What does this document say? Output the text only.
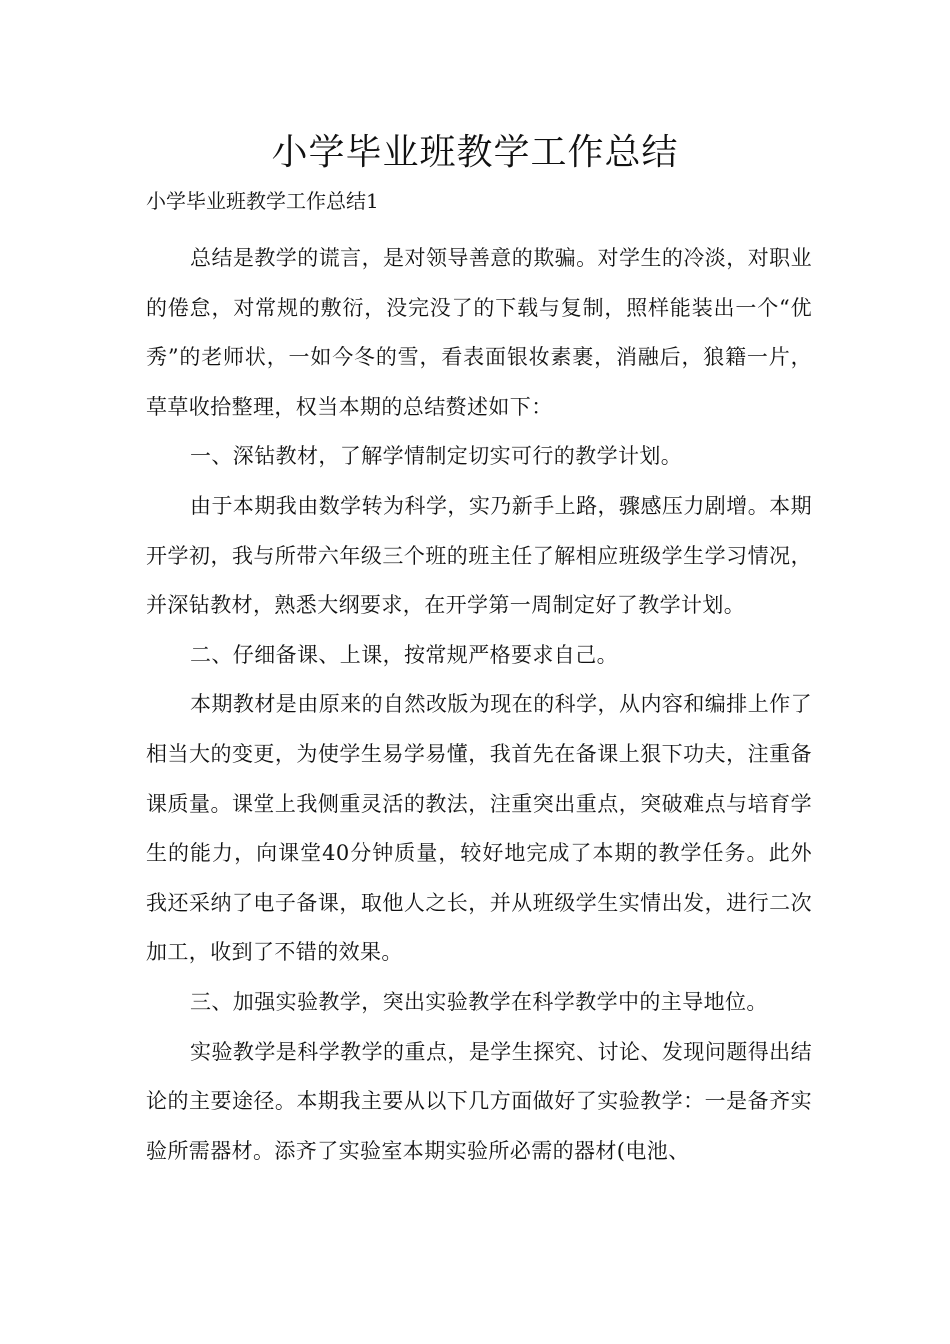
小学毕业班教学工作总结

小学毕业班教学工作总结1

总结是教学的谎言，是对领导善意的欺骗。对学生的冷淡，对职业的倦怠，对常规的敷衍，没完没了的下载与复制，照样能装出一个“优秀”的老师状，一如今冬的雪，看表面银妆素裹，消融后，狼籍一片，草草收拾整理，权当本期的总结赘述如下：

一、深钻教材，了解学情制定切实可行的教学计划。

由于本期我由数学转为科学，实乃新手上路，骤感压力剧增。本期开学初，我与所带六年级三个班的班主任了解相应班级学生学习情况，并深钻教材，熟悉大纲要求，在开学第一周制定好了教学计划。

二、仔细备课、上课，按常规严格要求自己。

本期教材是由原来的自然改版为现在的科学，从内容和编排上作了相当大的变更，为使学生易学易懂，我首先在备课上狠下功夫，注重备课质量。课堂上我侧重灵活的教法，注重突出重点，突破难点与培育学生的能力，向课堂40分钟质量，较好地完成了本期的教学任务。此外我还采纳了电子备课，取他人之长，并从班级学生实情出发，进行二次加工，收到了不错的效果。

三、加强实验教学，突出实验教学在科学教学中的主导地位。

实验教学是科学教学的重点，是学生探究、讨论、发现问题得出结论的主要途径。本期我主要从以下几方面做好了实验教学：一是备齐实验所需器材。添齐了实验室本期实验所必需的器材(电池、
